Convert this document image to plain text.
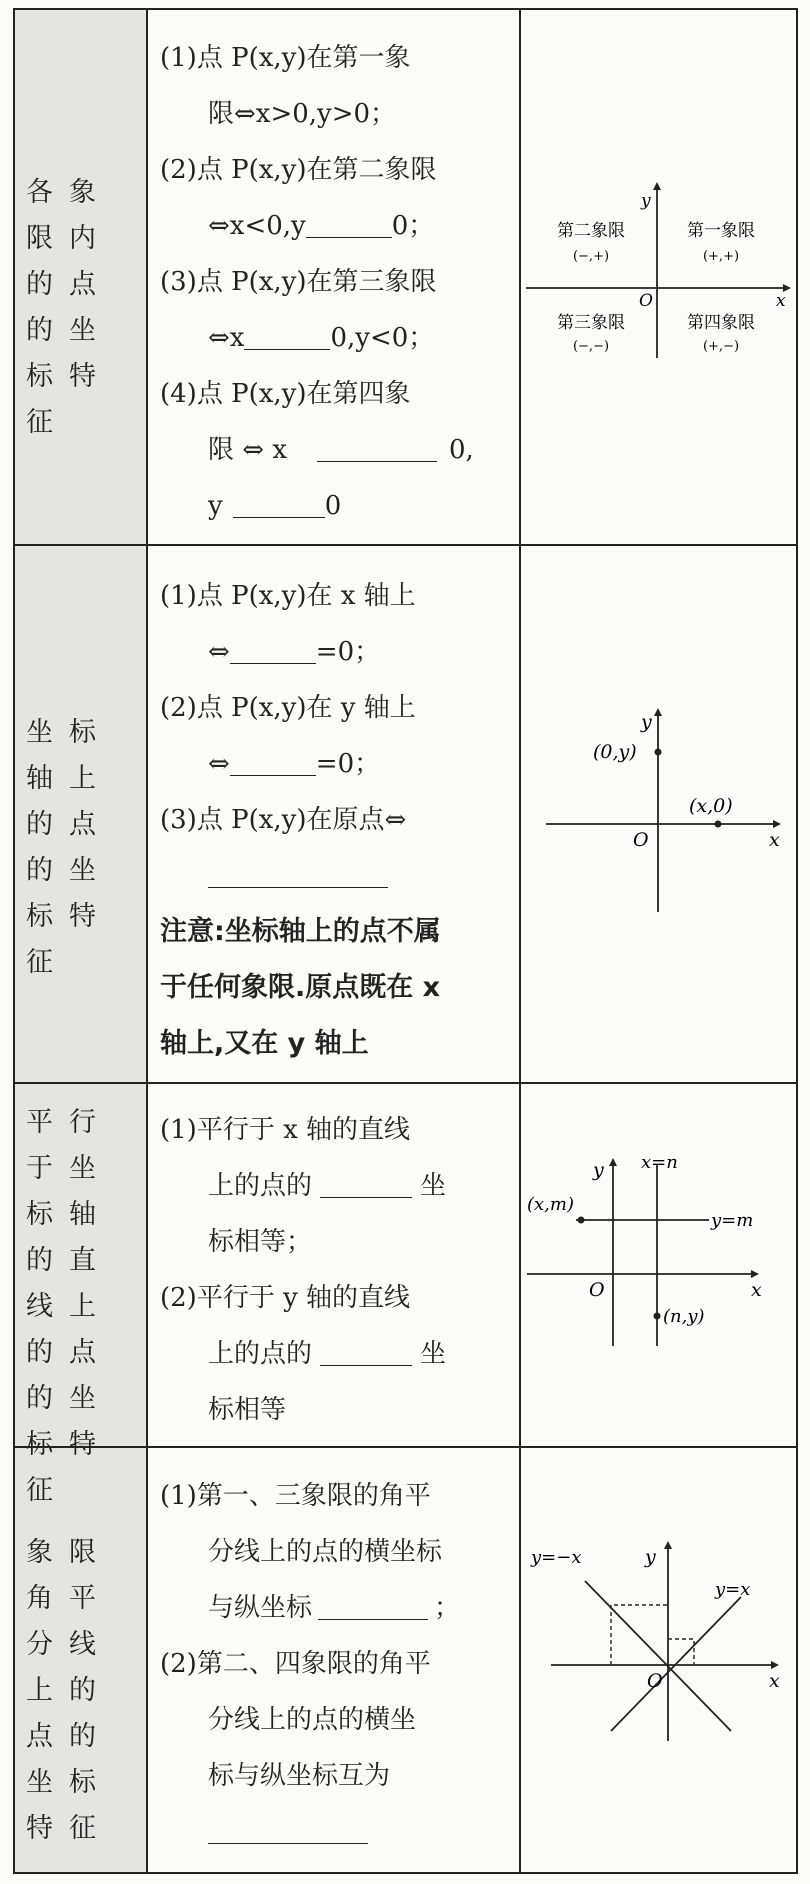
各象限内的点的坐标特征
(1)点 P(x,y)在第一象
限⇔x>0,y>0；
(2)点 P(x,y)在第二象限
⇔x<0,y	0；
(3)点 P(x,y)在第三象限
⇔x	0,y<0；
(4)点 P(x,y)在第四象
限 ⇔ x	0,
y	0
y
x
O
第二象限
(−,+)
第一象限
(+,+)
第三象限
(−,−)
第四象限
(+,−)
坐标轴上的点的坐标特征
(1)点 P(x,y)在 x 轴上
⇔	=0；
(2)点 P(x,y)在 y 轴上
⇔	=0；
(3)点 P(x,y)在原点⇔
注意:坐标轴上的点不属
于任何象限.原点既在 x
轴上,又在 y 轴上
y
x
O
(0,y)
(x,0)
平行于坐标轴的直线上的点的坐标特征
(1)平行于 x 轴的直线
上的点的	坐
标相等；
(2)平行于 y 轴的直线
上的点的	坐
标相等
y
x
O
x=n
y=m
(x,m)
(n,y)
象限角平分线上的点的坐标特征
(1)第一、三象限的角平
分线上的点的横坐标
与纵坐标	；
(2)第二、四象限的角平
分线上的点的横坐
标与纵坐标互为
y
x
O
y=−x
y=x
